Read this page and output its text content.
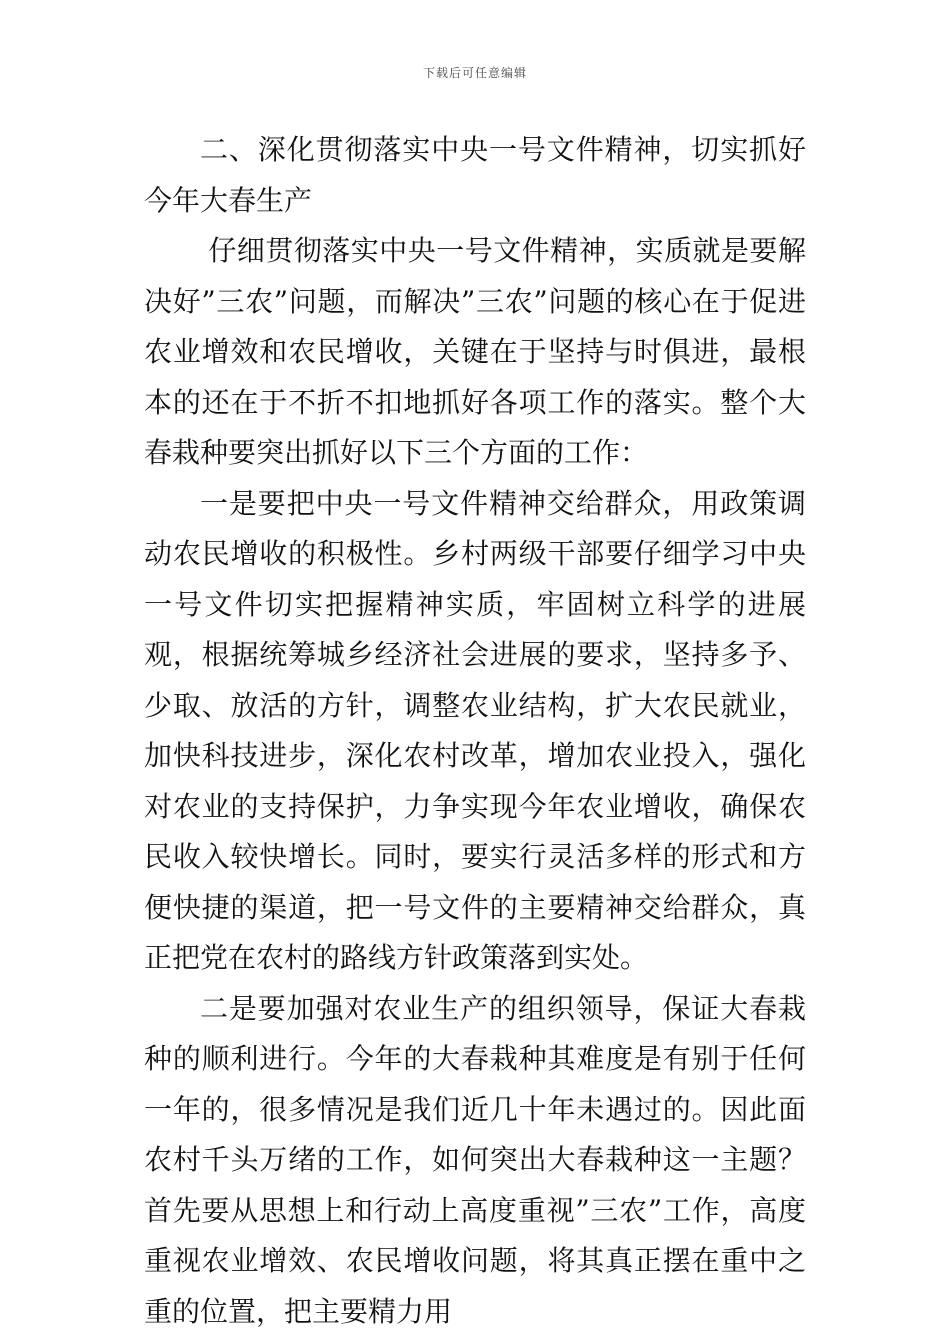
下载后可任意编辑

二、深化贯彻落实中央一号文件精神，切实抓好今年大春生产

仔细贯彻落实中央一号文件精神，实质就是要解决好”三农”问题，而解决”三农”问题的核心在于促进农业增效和农民增收，关键在于坚持与时俱进，最根本的还在于不折不扣地抓好各项工作的落实。整个大春栽种要突出抓好以下三个方面的工作：

一是要把中央一号文件精神交给群众，用政策调动农民增收的积极性。乡村两级干部要仔细学习中央一号文件切实把握精神实质，牢固树立科学的进展观，根据统筹城乡经济社会进展的要求，坚持多予、少取、放活的方针，调整农业结构，扩大农民就业，加快科技进步，深化农村改革，增加农业投入，强化对农业的支持保护，力争实现今年农业增收，确保农民收入较快增长。同时，要实行灵活多样的形式和方便快捷的渠道，把一号文件的主要精神交给群众，真正把党在农村的路线方针政策落到实处。

二是要加强对农业生产的组织领导，保证大春栽种的顺利进行。今年的大春栽种其难度是有别于任何一年的，很多情况是我们近几十年未遇过的。因此面农村千头万绪的工作，如何突出大春栽种这一主题？首先要从思想上和行动上高度重视”三农”工作，高度重视农业增效、农民增收问题，将其真正摆在重中之重的位置，把主要精力用
